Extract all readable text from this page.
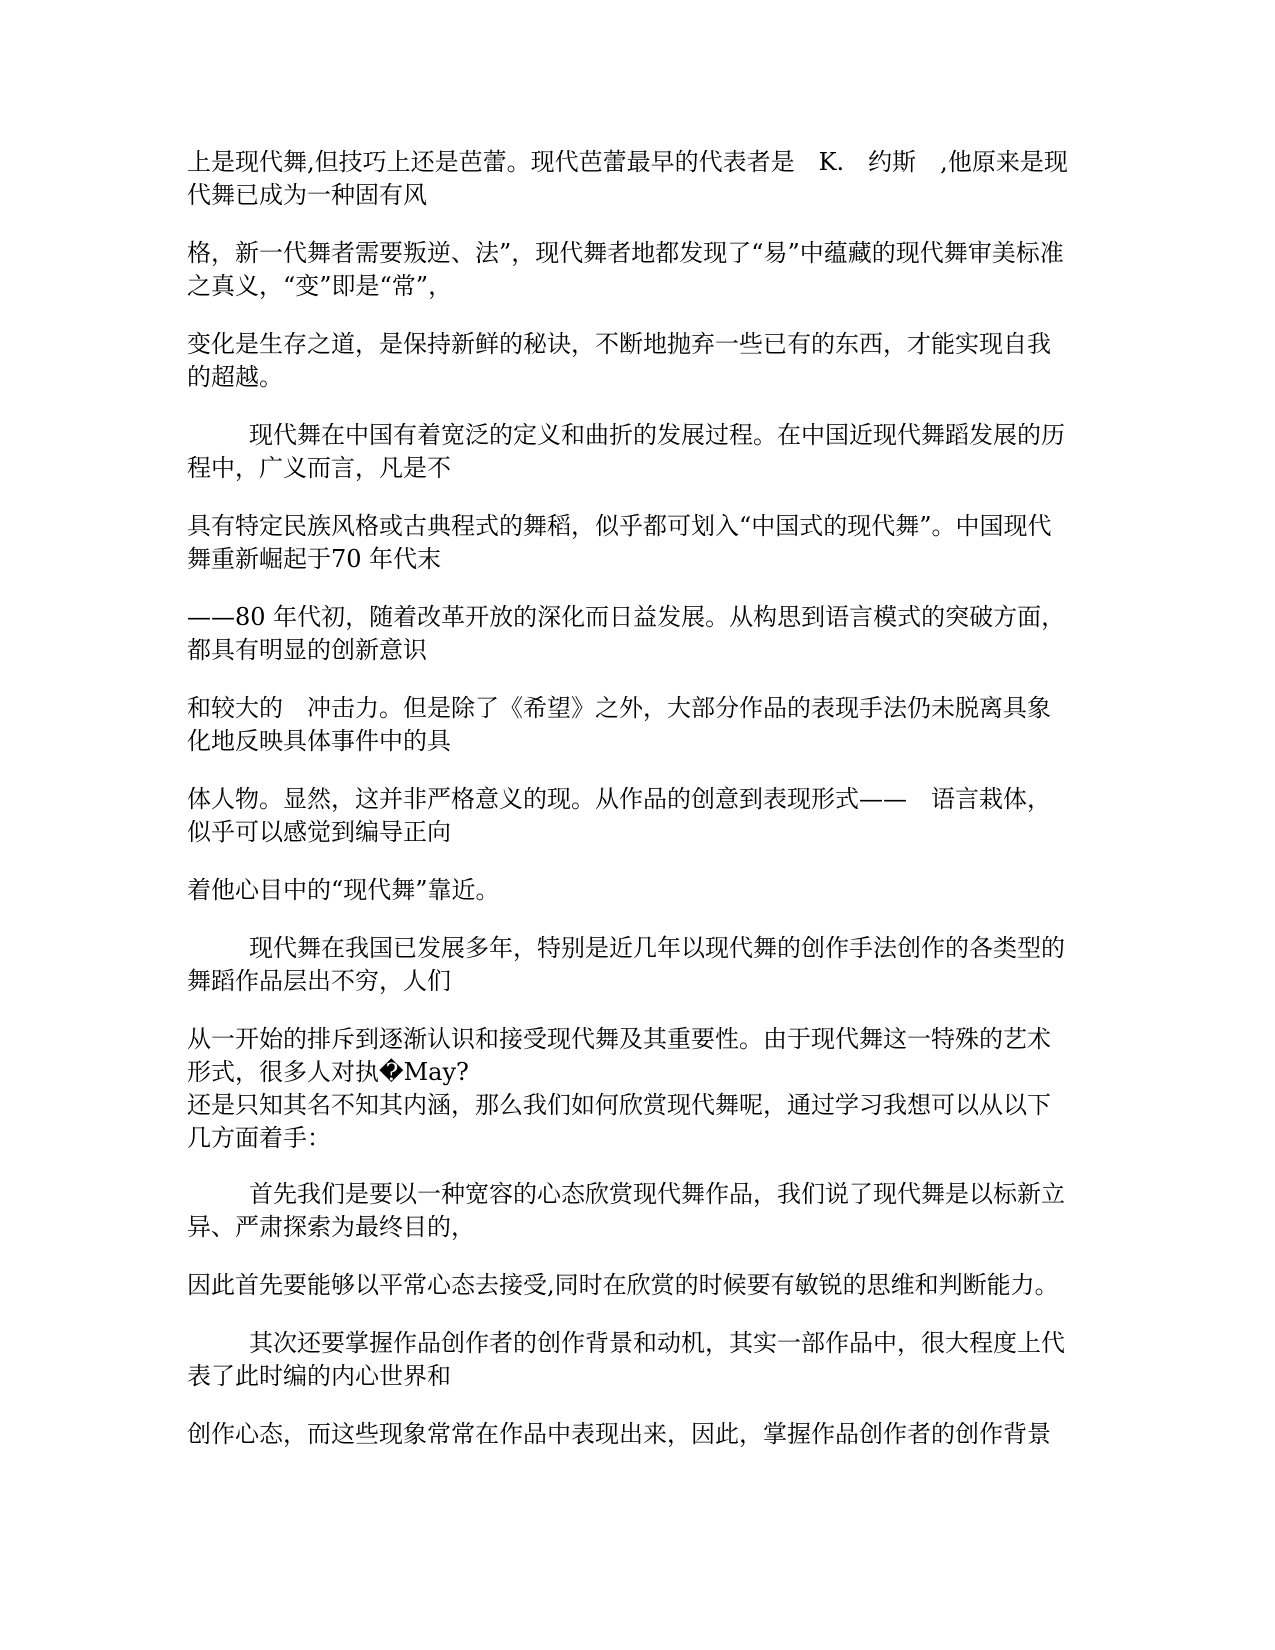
上是现代舞,但技巧上还是芭蕾。现代芭蕾最早的代表者是　K.　约斯　,他原来是现
代舞已成为一种固有风

格，新一代舞者需要叛逆、法”，现代舞者地都发现了“易”中蕴藏的现代舞审美标准
之真义，“变”即是“常”，

变化是生存之道，是保持新鲜的秘诀，不断地抛弃一些已有的东西，才能实现自我
的超越。

现代舞在中国有着宽泛的定义和曲折的发展过程。在中国近现代舞蹈发展的历
程中，广义而言，凡是不

具有特定民族风格或古典程式的舞稻，似乎都可划入“中国式的现代舞”。中国现代
舞重新崛起于70 年代末

——80 年代初，随着改革开放的深化而日益发展。从构思到语言模式的突破方面，
都具有明显的创新意识

和较大的　冲击力。但是除了《希望》之外，大部分作品的表现手法仍未脱离具象
化地反映具体事件中的具

体人物。显然，这并非严格意义的现。从作品的创意到表现形式——　语言栽体，
似乎可以感觉到编导正向

着他心目中的“现代舞”靠近。

现代舞在我国已发展多年，特别是近几年以现代舞的创作手法创作的各类型的
舞蹈作品层出不穷，人们

从一开始的排斥到逐渐认识和接受现代舞及其重要性。由于现代舞这一特殊的艺术
形式，很多人对执�May?
还是只知其名不知其内涵，那么我们如何欣赏现代舞呢，通过学习我想可以从以下
几方面着手：

首先我们是要以一种宽容的心态欣赏现代舞作品，我们说了现代舞是以标新立
异、严肃探索为最终目的，

因此首先要能够以平常心态去接受,同时在欣赏的时候要有敏锐的思维和判断能力。

其次还要掌握作品创作者的创作背景和动机，其实一部作品中，很大程度上代
表了此时编的内心世界和

创作心态，而这些现象常常在作品中表现出来，因此，掌握作品创作者的创作背景
